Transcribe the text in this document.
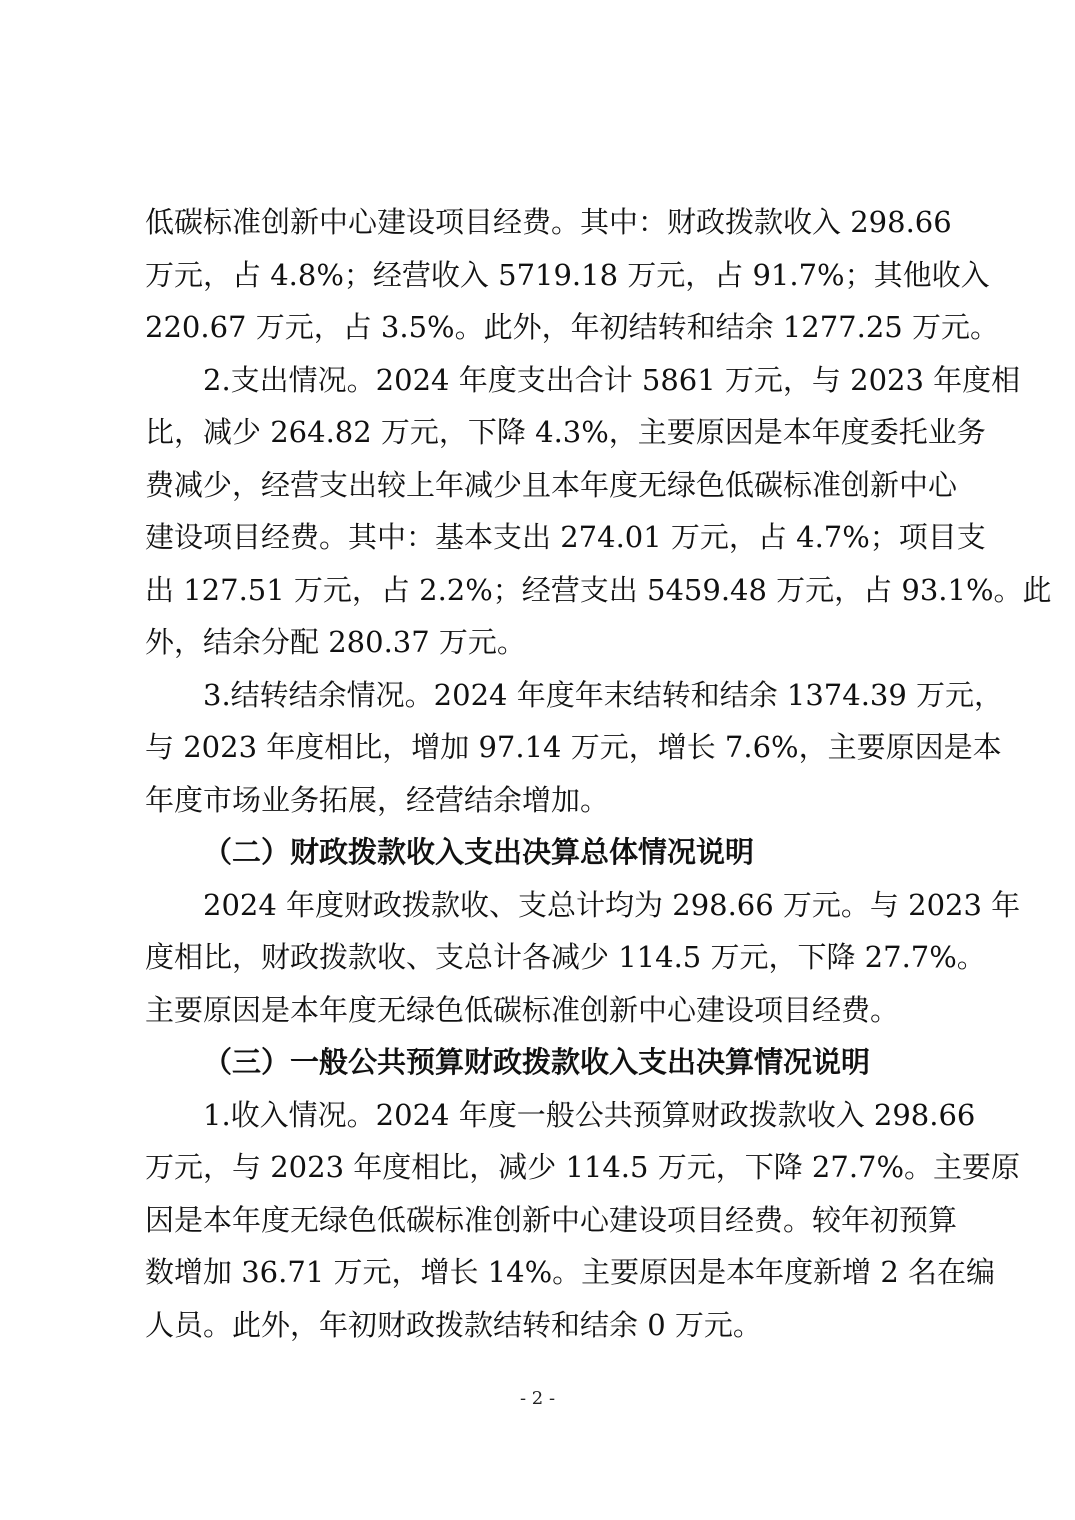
低碳标准创新中心建设项目经费。其中：财政拨款收入 298.66
万元，占 4.8%；经营收入 5719.18 万元，占 91.7%；其他收入
220.67 万元，占 3.5%。此外，年初结转和结余 1277.25 万元。
2.支出情况。2024 年度支出合计 5861 万元，与 2023 年度相
比，减少 264.82 万元，下降 4.3%，主要原因是本年度委托业务
费减少，经营支出较上年减少且本年度无绿色低碳标准创新中心
建设项目经费。其中：基本支出 274.01 万元，占 4.7%；项目支
出 127.51 万元，占 2.2%；经营支出 5459.48 万元，占 93.1%。此
外，结余分配 280.37 万元。
3.结转结余情况。2024 年度年末结转和结余 1374.39 万元，
与 2023 年度相比，增加 97.14 万元，增长 7.6%，主要原因是本
年度市场业务拓展，经营结余增加。
（二）财政拨款收入支出决算总体情况说明
2024 年度财政拨款收、支总计均为 298.66 万元。与 2023 年
度相比，财政拨款收、支总计各减少 114.5 万元，下降 27.7%。
主要原因是本年度无绿色低碳标准创新中心建设项目经费。
（三）一般公共预算财政拨款收入支出决算情况说明
1.收入情况。2024 年度一般公共预算财政拨款收入 298.66
万元，与 2023 年度相比，减少 114.5 万元，下降 27.7%。主要原
因是本年度无绿色低碳标准创新中心建设项目经费。较年初预算
数增加 36.71 万元，增长 14%。主要原因是本年度新增 2 名在编
人员。此外，年初财政拨款结转和结余 0 万元。
- 2 -
